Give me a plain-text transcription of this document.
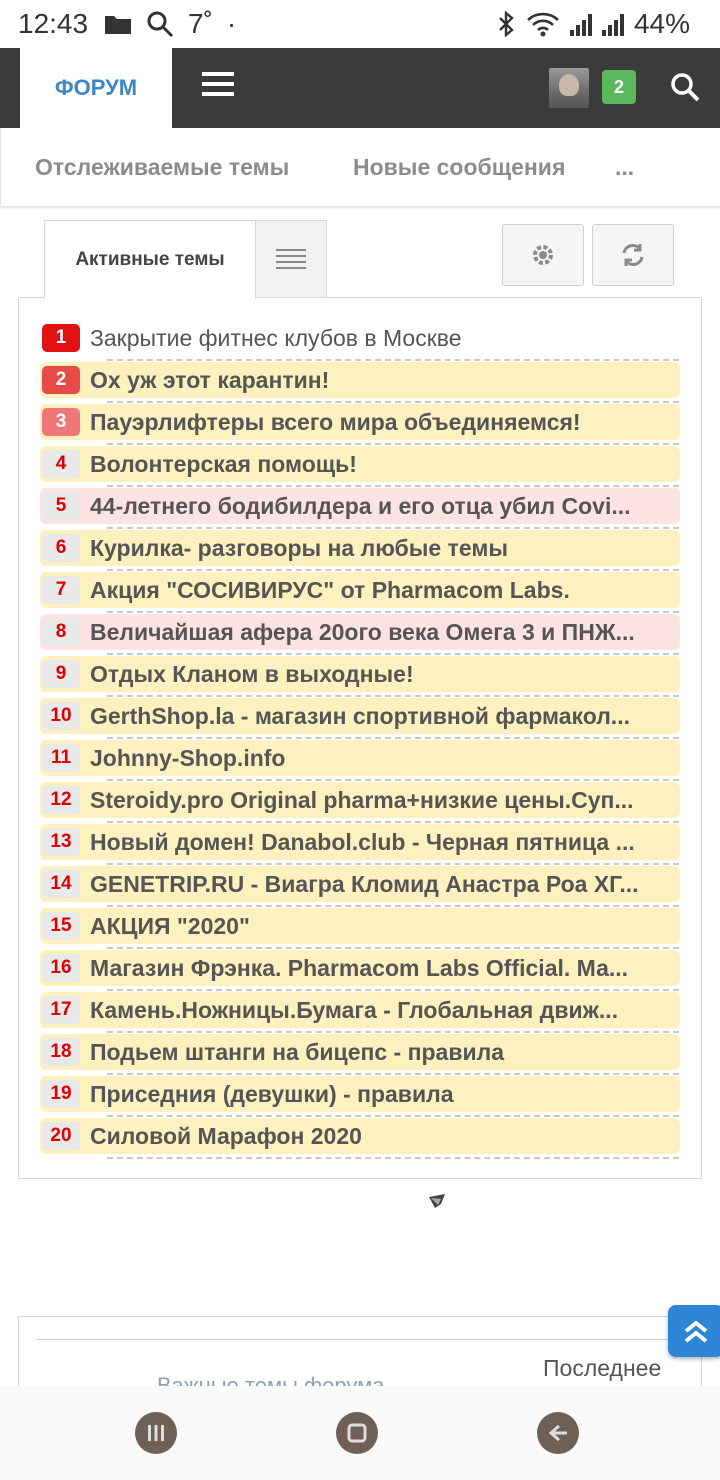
12:43	7˚ ·	44%
ФОРУМ	2
Отслеживаемые темы	Новые сообщения ...
Активные темы
1	Закрытие фитнес клубов в Москве
2	Ох уж этот карантин!
3	Пауэрлифтеры всего мира объединяемся!
4	Волонтерская помощь!
5	44-летнего бодибилдера и его отца убил Covi...
6	Курилка- разговоры на любые темы
7	Акция "СОСИВИРУС" от Pharmacom Labs.
8	Величайшая афера 20ого века Омега 3 и ПНЖ...
9	Отдых Кланом в выходные!
10 GerthShop.la - магазин спортивной фармакол...
11 Johnny-Shop.info
12 Steroidy.pro Original pharma+низкие цены.Суп...
13 Новый домен! Danabol.club - Черная пятница ...
14 GENETRIP.RU - Виагра Кломид Анастра Роа ХГ...
15 АКЦИЯ "2020"
16 Магазин Фрэнка. Pharmacom Labs Official. Ма...
17 Камень.Ножницы.Бумага - Глобальная движ...
18 Подьем штанги на бицепс - правила
19 Приседния (девушки) - правила
20 Силовой Марафон 2020
Последнее
